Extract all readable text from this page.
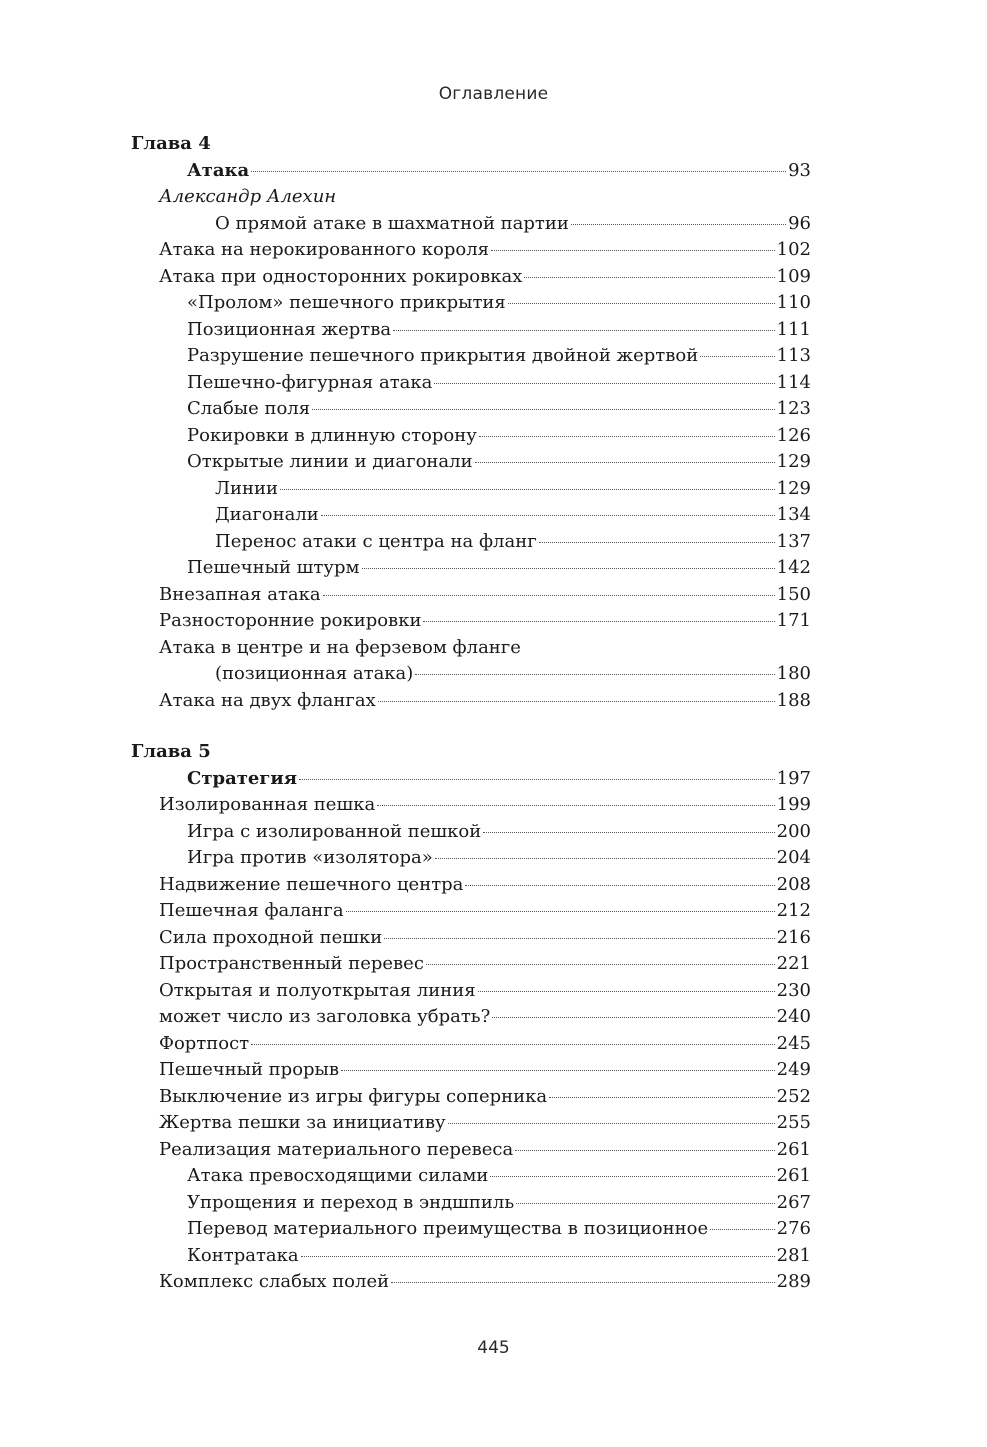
Оглавление
Глава 4
Атака	93
Александр Алехин
О прямой атаке в шахматной партии	96
Атака на нерокированного короля	102
Атака при односторонних рокировках	109
«Пролом» пешечного прикрытия	110
Позиционная жертва	111
Разрушение пешечного прикрытия двойной жертвой	113
Пешечно-фигурная атака	114
Слабые поля	123
Рокировки в длинную сторону	126
Открытые линии и диагонали	129
Линии	129
Диагонали	134
Перенос атаки с центра на фланг	137
Пешечный штурм	142
Внезапная атака	150
Разносторонние рокировки	171
Атака в центре и на ферзевом фланге
(позиционная атака)	180
Атака на двух флангах	188
Глава 5
Стратегия	197
Изолированная пешка	199
Игра с изолированной пешкой	200
Игра против «изолятора»	204
Надвижение пешечного центра	208
Пешечная фаланга	212
Сила проходной пешки	216
Пространственный перевес	221
Открытая и полуоткрытая линия	230
может число из заголовка убрать?	240
Фортпост	245
Пешечный прорыв	249
Выключение из игры фигуры соперника	252
Жертва пешки за инициативу	255
Реализация материального перевеса	261
Атака превосходящими силами	261
Упрощения и переход в эндшпиль	267
Перевод материального преимущества в позиционное	276
Контратака	281
Комплекс слабых полей	289
445
